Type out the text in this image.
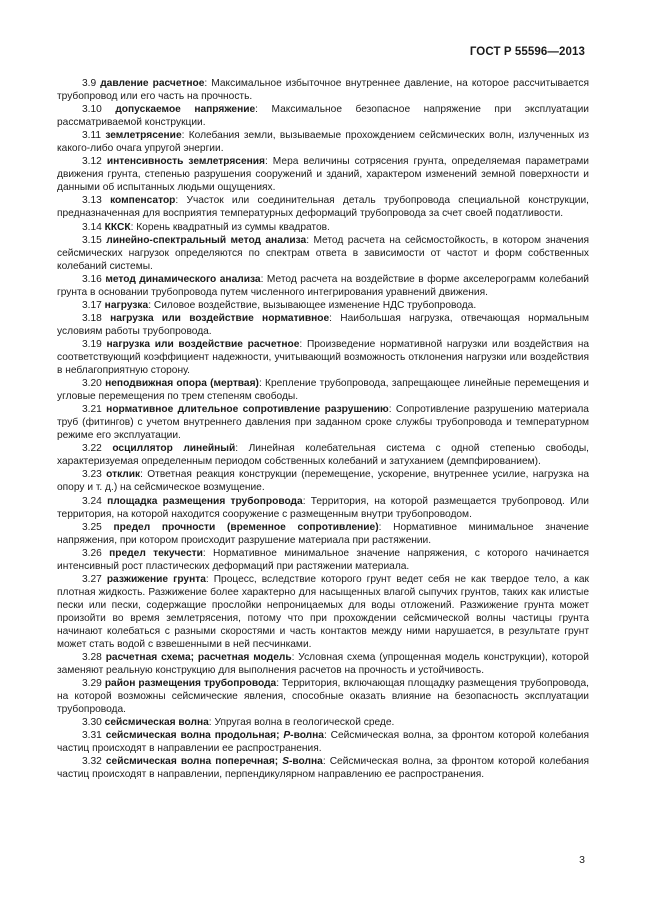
ГОСТ Р 55596—2013

3.9 давление расчетное: Максимальное избыточное внутреннее давление, на которое рассчитывается трубопровод или его часть на прочность.

3.10 допускаемое напряжение: Максимальное безопасное напряжение при эксплуатации рассматриваемой конструкции.

3.11 землетрясение: Колебания земли, вызываемые прохождением сейсмических волн, излученных из какого-либо очага упругой энергии.

3.12 интенсивность землетрясения: Мера величины сотрясения грунта, определяемая параметрами движения грунта, степенью разрушения сооружений и зданий, характером изменений земной поверхности и данными об испытанных людьми ощущениях.

3.13 компенсатор: Участок или соединительная деталь трубопровода специальной конструкции, предназначенная для восприятия температурных деформаций трубопровода за счет своей податливости.

3.14 ККСК: Корень квадратный из суммы квадратов.

3.15 линейно-спектральный метод анализа: Метод расчета на сейсмостойкость, в котором значения сейсмических нагрузок определяются по спектрам ответа в зависимости от частот и форм собственных колебаний системы.

3.16 метод динамического анализа: Метод расчета на воздействие в форме акселерограмм колебаний грунта в основании трубопровода путем численного интегрирования уравнений движения.

3.17 нагрузка: Силовое воздействие, вызывающее изменение НДС трубопровода.

3.18 нагрузка или воздействие нормативное: Наибольшая нагрузка, отвечающая нормальным условиям работы трубопровода.

3.19 нагрузка или воздействие расчетное: Произведение нормативной нагрузки или воздействия на соответствующий коэффициент надежности, учитывающий возможность отклонения нагрузки или воздействия в неблагоприятную сторону.

3.20 неподвижная опора (мертвая): Крепление трубопровода, запрещающее линейные перемещения и угловые перемещения по трем степеням свободы.

3.21 нормативное длительное сопротивление разрушению: Сопротивление разрушению материала труб (фитингов) с учетом внутреннего давления при заданном сроке службы трубопровода и температурном режиме его эксплуатации.

3.22 осциллятор линейный: Линейная колебательная система с одной степенью свободы, характеризуемая определенным периодом собственных колебаний и затуханием (демпфированием).

3.23 отклик: Ответная реакция конструкции (перемещение, ускорение, внутреннее усилие, нагрузка на опору и т. д.) на сейсмическое возмущение.

3.24 площадка размещения трубопровода: Территория, на которой размещается трубопровод. Или территория, на которой находится сооружение с размещенным внутри трубопроводом.

3.25 предел прочности (временное сопротивление): Нормативное минимальное значение напряжения, при котором происходит разрушение материала при растяжении.

3.26 предел текучести: Нормативное минимальное значение напряжения, с которого начинается интенсивный рост пластических деформаций при растяжении материала.

3.27 разжижение грунта: Процесс, вследствие которого грунт ведет себя не как твердое тело, а как плотная жидкость. Разжижение более характерно для насыщенных влагой сыпучих грунтов, таких как илистые пески или пески, содержащие прослойки непроницаемых для воды отложений. Разжижение грунта может произойти во время землетрясения, потому что при прохождении сейсмической волны частицы грунта начинают колебаться с разными скоростями и часть контактов между ними нарушается, в результате грунт может стать водой с взвешенными в ней песчинками.

3.28 расчетная схема; расчетная модель: Условная схема (упрощенная модель конструкции), которой заменяют реальную конструкцию для выполнения расчетов на прочность и устойчивость.

3.29 район размещения трубопровода: Территория, включающая площадку размещения трубопровода, на которой возможны сейсмические явления, способные оказать влияние на безопасность эксплуатации трубопровода.

3.30 сейсмическая волна: Упругая волна в геологической среде.

3.31 сейсмическая волна продольная; P-волна: Сейсмическая волна, за фронтом которой колебания частиц происходят в направлении ее распространения.

3.32 сейсмическая волна поперечная; S-волна: Сейсмическая волна, за фронтом которой колебания частиц происходят в направлении, перпендикулярном направлению ее распространения.

3
